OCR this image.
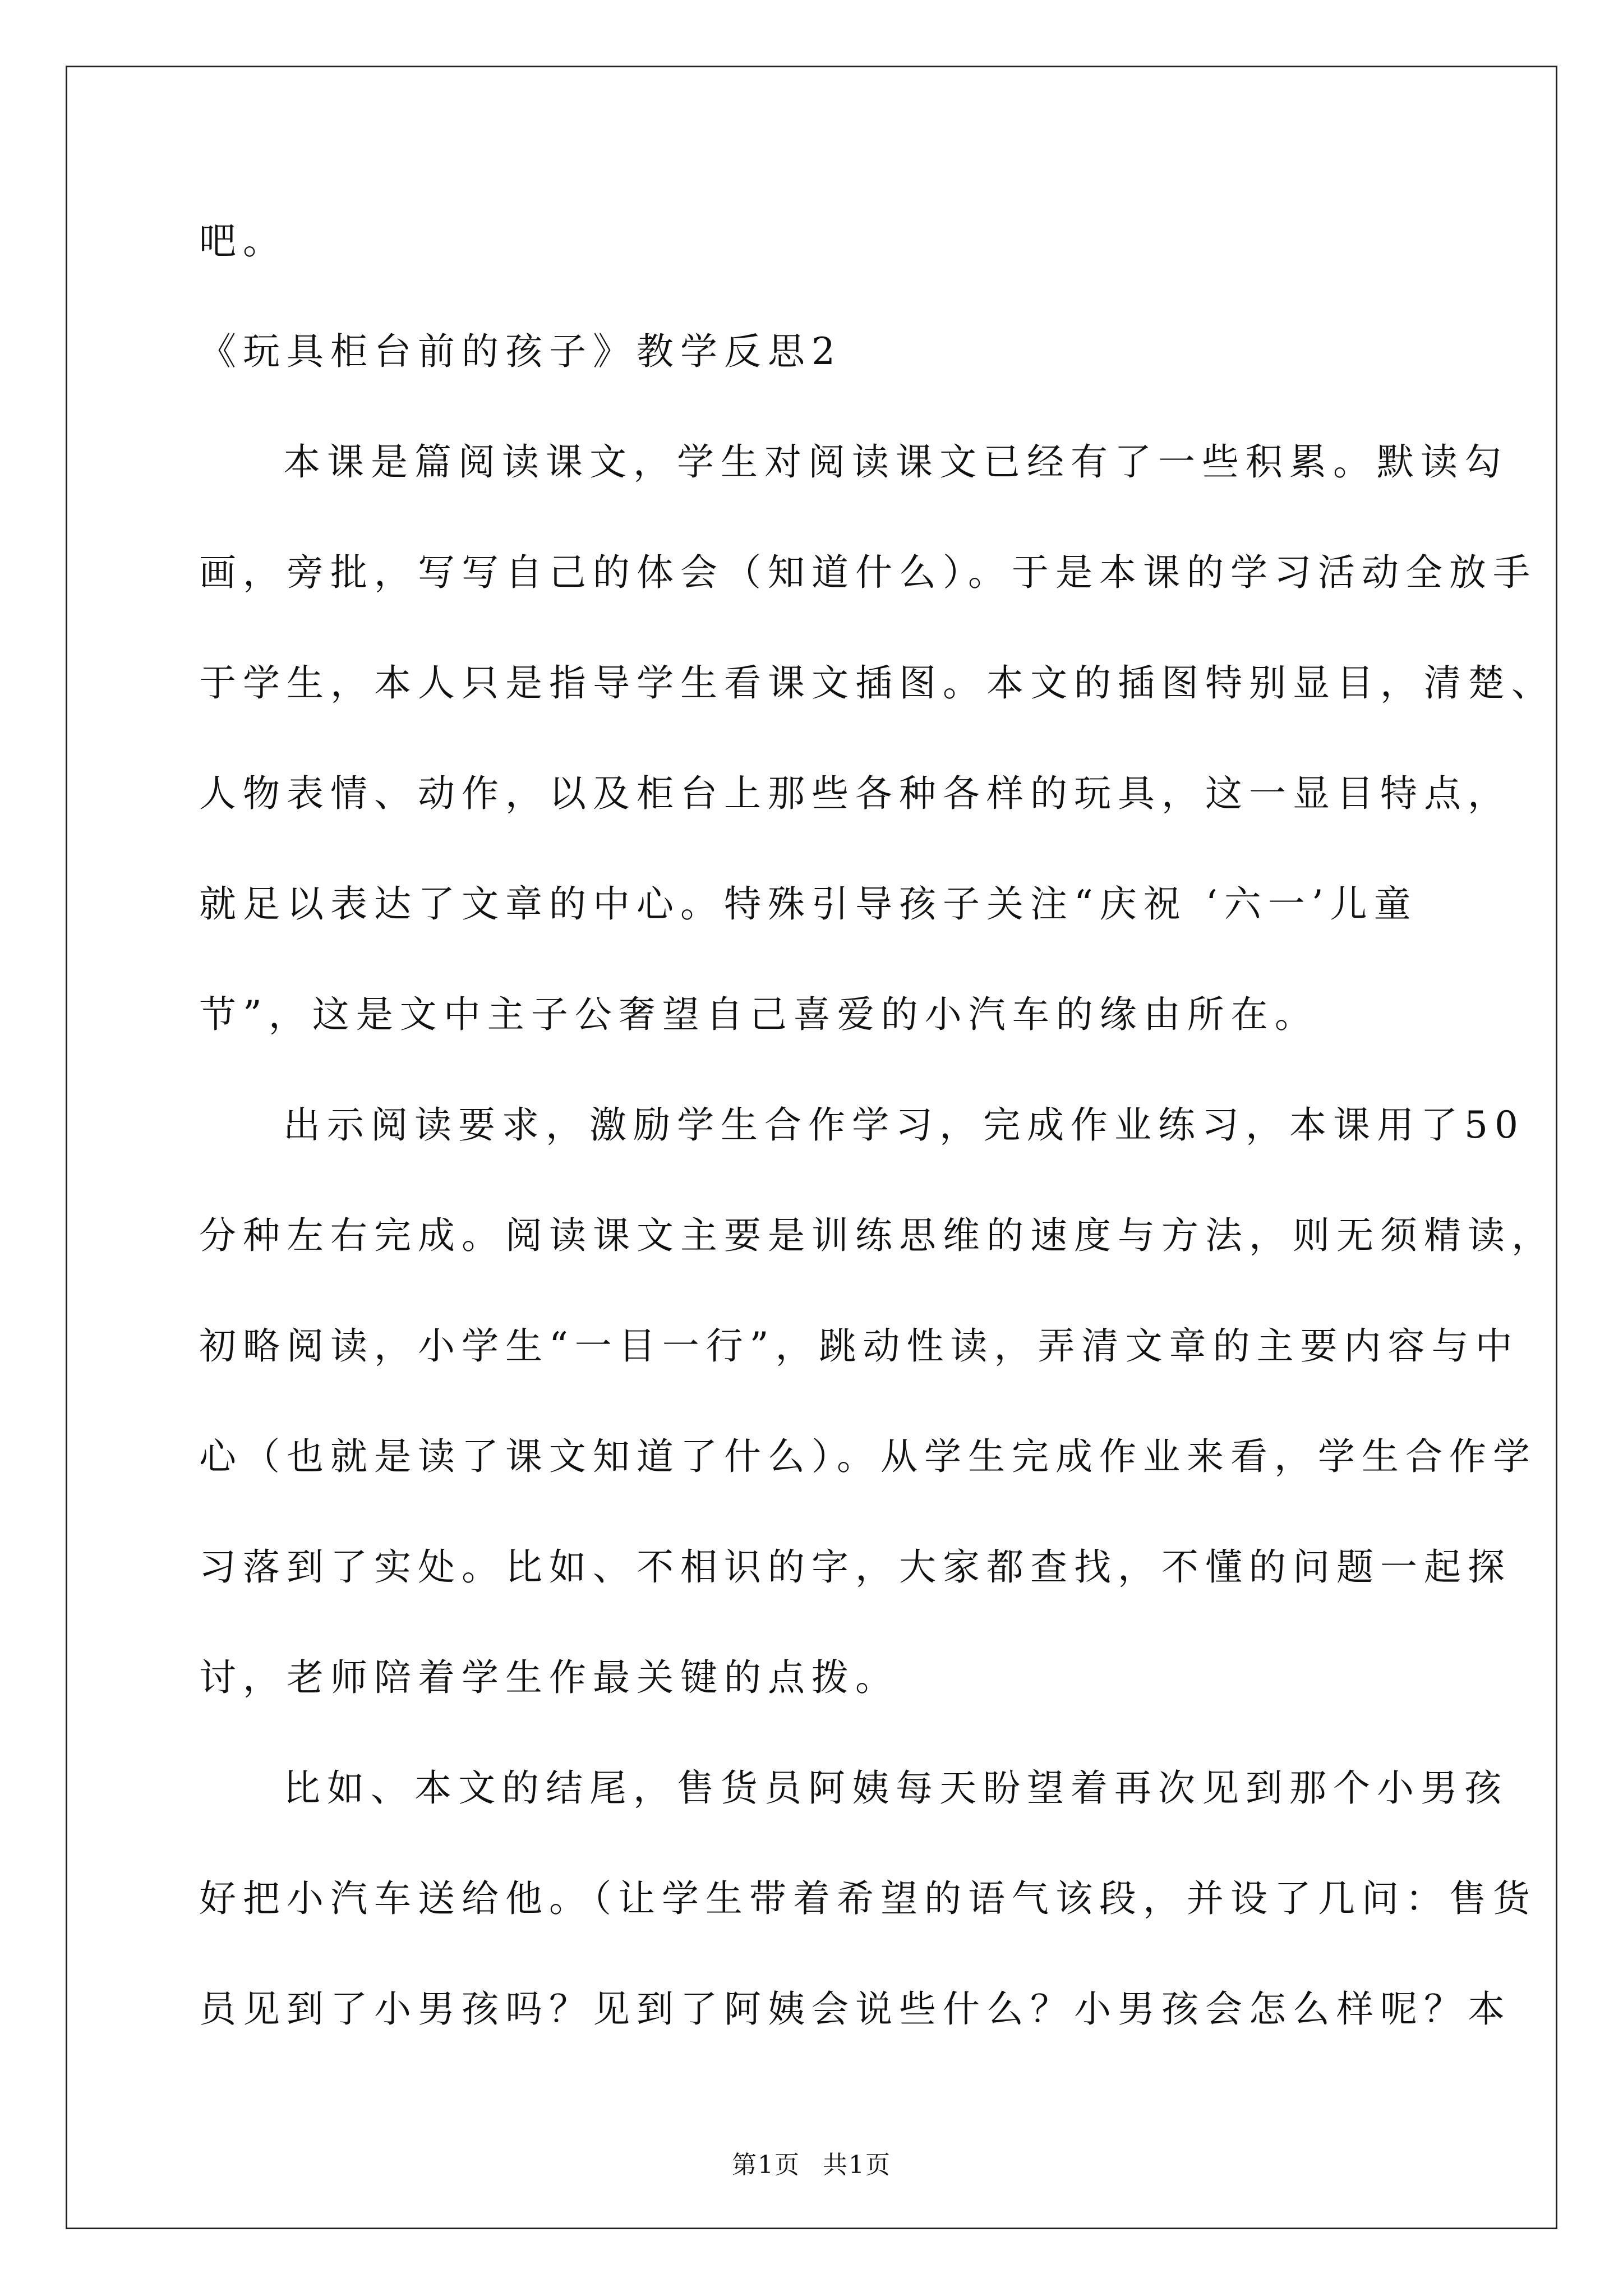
吧。
《玩具柜台前的孩子》教学反思2
本课是篇阅读课文，学生对阅读课文已经有了一些积累。默读勾
画，旁批，写写自己的体会（知道什么）。于是本课的学习活动全放手
于学生，本人只是指导学生看课文插图。本文的插图特别显目，清楚、
人物表情、动作，以及柜台上那些各种各样的玩具，这一显目特点，
就足以表达了文章的中心。特殊引导孩子关注“庆祝 ‘六一’儿童
节”，这是文中主子公奢望自己喜爱的小汽车的缘由所在。
出示阅读要求，激励学生合作学习，完成作业练习，本课用了50
分种左右完成。阅读课文主要是训练思维的速度与方法，则无须精读，
初略阅读，小学生“一目一行”，跳动性读，弄清文章的主要内容与中
心（也就是读了课文知道了什么）。从学生完成作业来看，学生合作学
习落到了实处。比如、不相识的字，大家都查找，不懂的问题一起探
讨，老师陪着学生作最关键的点拨。
比如、本文的结尾，售货员阿姨每天盼望着再次见到那个小男孩
好把小汽车送给他。（让学生带着希望的语气该段，并设了几问：售货
员见到了小男孩吗？见到了阿姨会说些什么？小男孩会怎么样呢？本
第1页 共1页
